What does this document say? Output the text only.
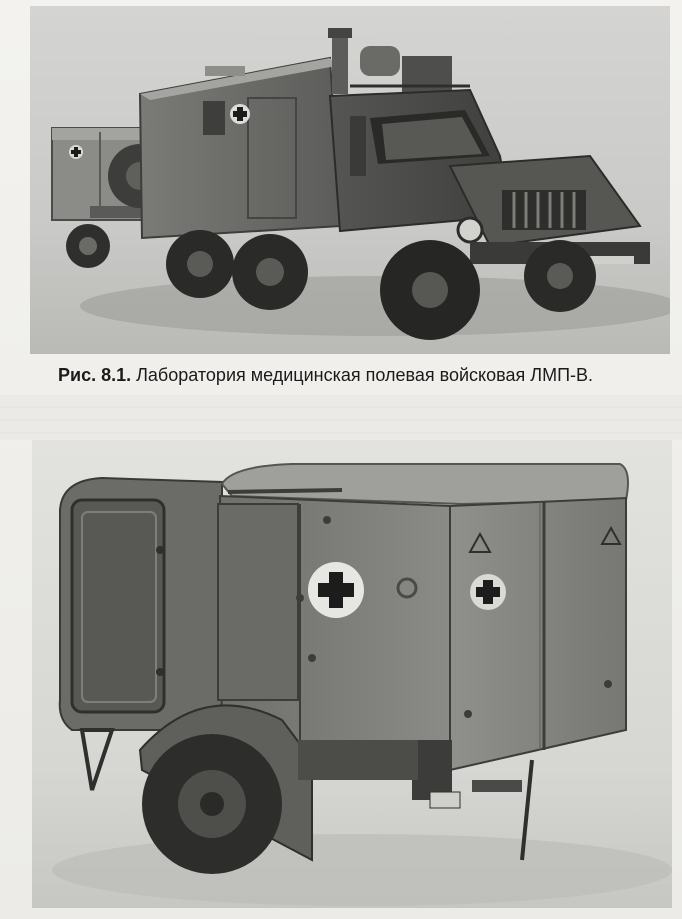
Рис. 8.1. Лаборатория медицинская полевая войсковая ЛМП-В.
